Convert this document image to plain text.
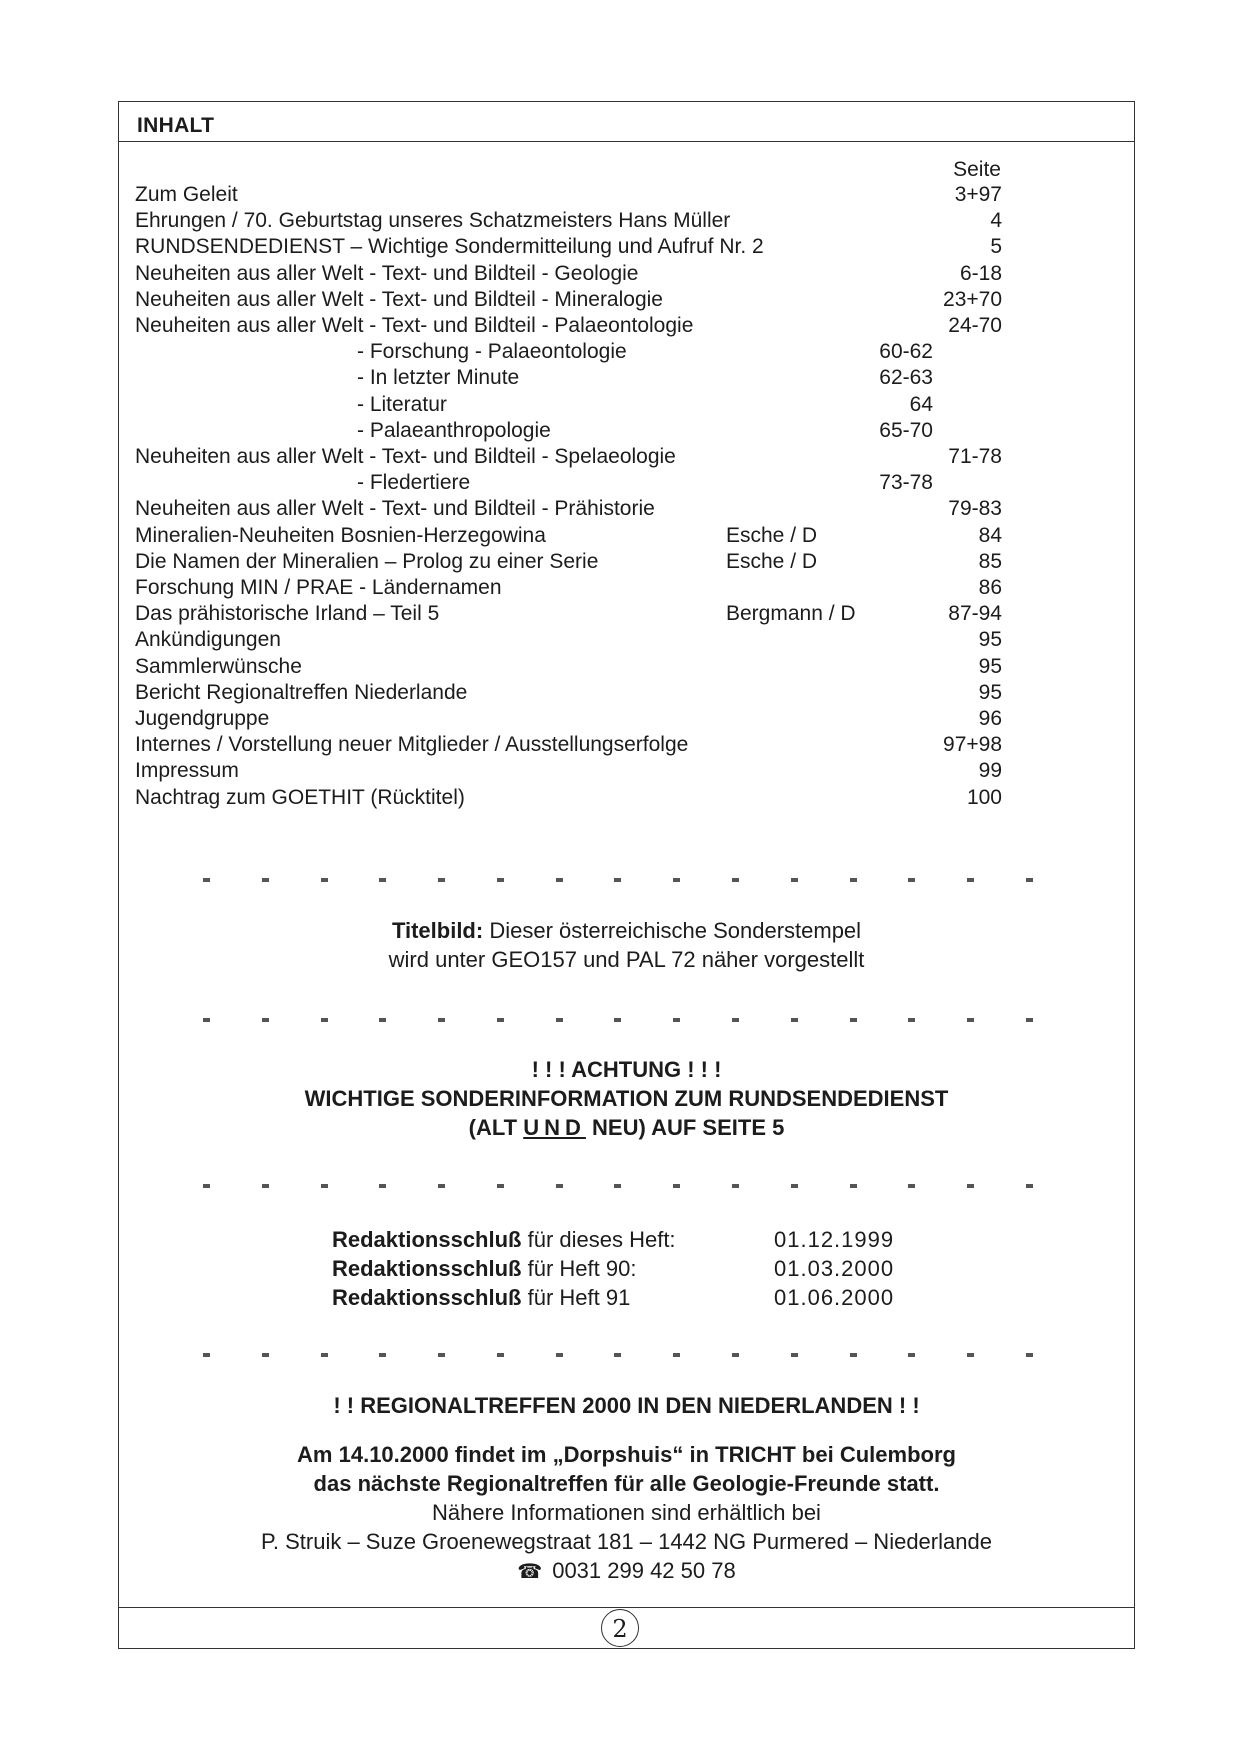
INHALT
Seite
Zum Geleit	3+97
Ehrungen / 70. Geburtstag unseres Schatzmeisters Hans Müller	4
RUNDSENDEDIENST – Wichtige Sondermitteilung und Aufruf Nr. 2	5
Neuheiten aus aller Welt - Text- und Bildteil - Geologie	6-18
Neuheiten aus aller Welt - Text- und Bildteil - Mineralogie	23+70
Neuheiten aus aller Welt - Text- und Bildteil - Palaeontologie	24-70
- Forschung - Palaeontologie	60-62
- In letzter Minute	62-63
- Literatur	64
- Palaeanthropologie	65-70
Neuheiten aus aller Welt - Text- und Bildteil - Spelaeologie	71-78
- Fledertiere	73-78
Neuheiten aus aller Welt - Text- und Bildteil - Prähistorie	79-83
Mineralien-Neuheiten Bosnien-Herzegowina	Esche / D	84
Die Namen der Mineralien – Prolog zu einer Serie	Esche / D	85
Forschung MIN / PRAE - Ländernamen	86
Das prähistorische Irland – Teil 5	Bergmann / D	87-94
Ankündigungen	95
Sammlerwünsche	95
Bericht Regionaltreffen Niederlande	95
Jugendgruppe	96
Internes / Vorstellung neuer Mitglieder / Ausstellungserfolge	97+98
Impressum	99
Nachtrag zum GOETHIT (Rücktitel)	100
Titelbild: Dieser österreichische Sonderstempel
wird unter GEO157 und PAL 72 näher vorgestellt
! ! ! ACHTUNG ! ! !
WICHTIGE SONDERINFORMATION ZUM RUNDSENDEDIENST
(ALT UND NEU) AUF SEITE 5
Redaktionsschluß für dieses Heft:	01.12.1999
Redaktionsschluß für Heft 90:	01.03.2000
Redaktionsschluß für Heft 91	01.06.2000
! ! REGIONALTREFFEN 2000 IN DEN NIEDERLANDEN ! !
Am 14.10.2000 findet im „Dorpshuis“ in TRICHT bei Culemborg
das nächste Regionaltreffen für alle Geologie-Freunde statt.
Nähere Informationen sind erhältlich bei
P. Struik – Suze Groenewegstraat 181 – 1442 NG Purmered – Niederlande
☎ 0031 299 42 50 78
2
